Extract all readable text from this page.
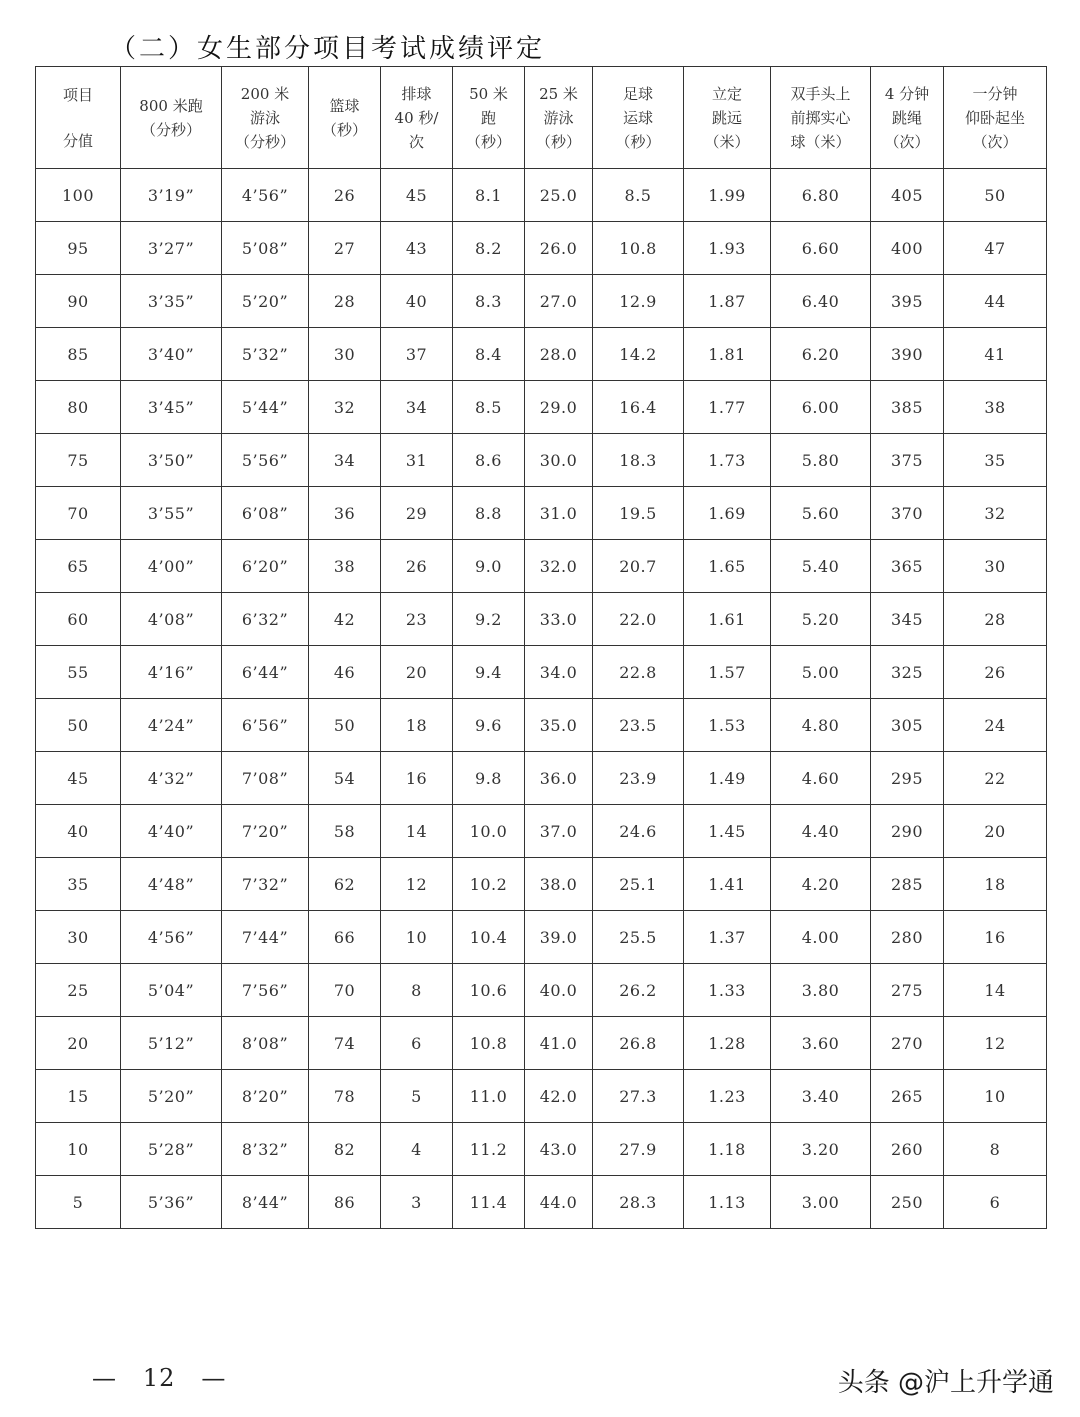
（二）女生部分项目考试成绩评定
项目
分值	800 米跑
（分秒）	200 米
游泳
（分秒）	篮球
（秒）	排球
40 秒/
次	50 米
跑
（秒）	25 米
游泳
（秒）	足球
运球
（秒）	立定
跳远
（米）	双手头上
前掷实心
球（米）	4 分钟
跳绳
（次）	一分钟
仰卧起坐
（次）

100	3’19”	4’56”	26	45	8.1	25.0	8.5	1.99	6.80	405	50
95	3’27”	5’08”	27	43	8.2	26.0	10.8	1.93	6.60	400	47
90	3’35”	5’20”	28	40	8.3	27.0	12.9	1.87	6.40	395	44
85	3’40”	5’32”	30	37	8.4	28.0	14.2	1.81	6.20	390	41
80	3’45”	5’44”	32	34	8.5	29.0	16.4	1.77	6.00	385	38
75	3’50”	5’56”	34	31	8.6	30.0	18.3	1.73	5.80	375	35
70	3’55”	6’08”	36	29	8.8	31.0	19.5	1.69	5.60	370	32
65	4’00”	6’20”	38	26	9.0	32.0	20.7	1.65	5.40	365	30
60	4’08”	6’32”	42	23	9.2	33.0	22.0	1.61	5.20	345	28
55	4’16”	6’44”	46	20	9.4	34.0	22.8	1.57	5.00	325	26
50	4’24”	6’56”	50	18	9.6	35.0	23.5	1.53	4.80	305	24
45	4’32”	7’08”	54	16	9.8	36.0	23.9	1.49	4.60	295	22
40	4’40”	7’20”	58	14	10.0	37.0	24.6	1.45	4.40	290	20
35	4’48”	7’32”	62	12	10.2	38.0	25.1	1.41	4.20	285	18
30	4’56”	7’44”	66	10	10.4	39.0	25.5	1.37	4.00	280	16
25	5’04”	7’56”	70	8	10.6	40.0	26.2	1.33	3.80	275	14
20	5’12”	8’08”	74	6	10.8	41.0	26.8	1.28	3.60	270	12
15	5’20”	8’20”	78	5	11.0	42.0	27.3	1.23	3.40	265	10
10	5’28”	8’32”	82	4	11.2	43.0	27.9	1.18	3.20	260	8
5	5’36”	8’44”	86	3	11.4	44.0	28.3	1.13	3.00	250	6
—   12   —	头条 @沪上升学通
